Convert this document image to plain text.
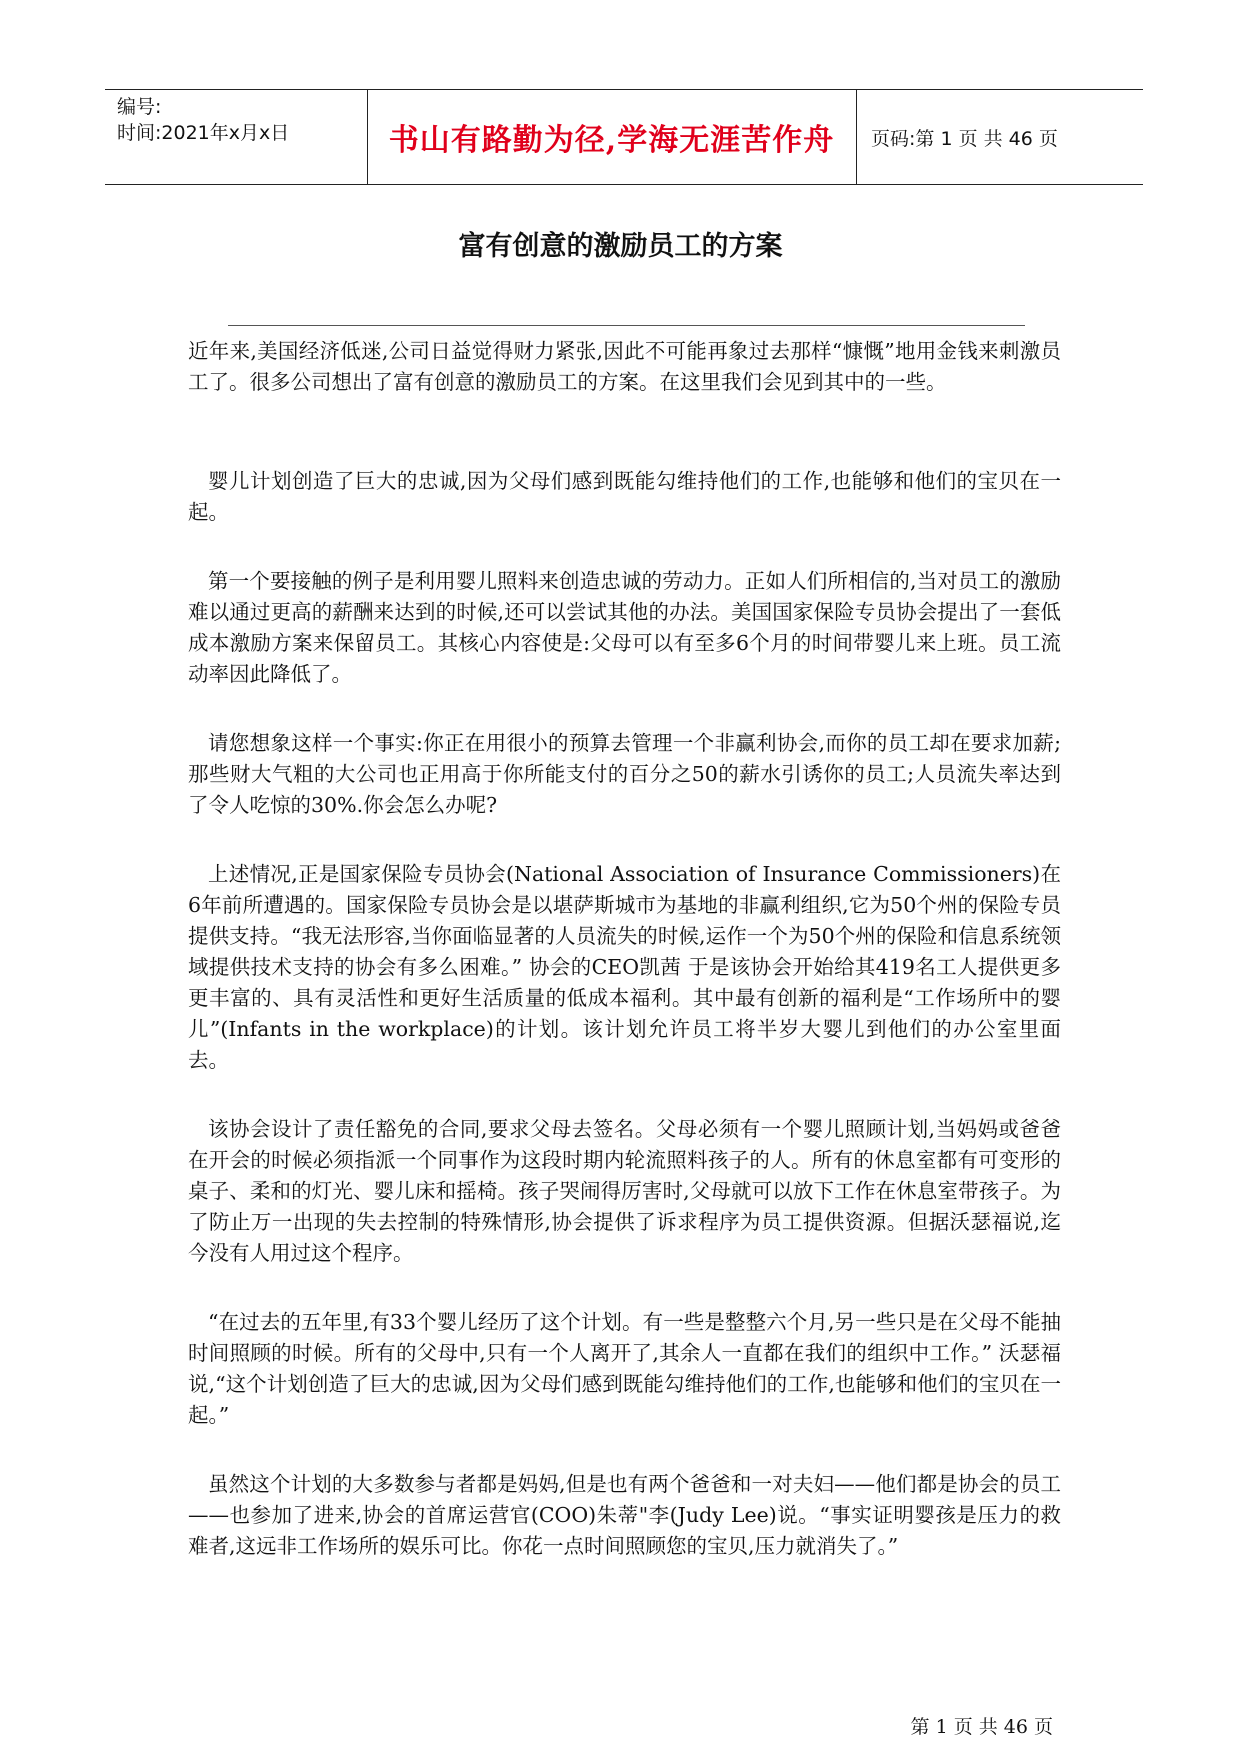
编号:
时间:2021年x月x日	书山有路勤为径,学海无涯苦作舟	页码:第 1 页 共 46 页
富有创意的激励员工的方案

近年来,美国经济低迷,公司日益觉得财力紧张,因此不可能再象过去那样“慷慨”地用金钱来刺激员工了。很多公司想出了富有创意的激励员工的方案。在这里我们会见到其中的一些。

婴儿计划创造了巨大的忠诚,因为父母们感到既能勾维持他们的工作,也能够和他们的宝贝在一起。

第一个要接触的例子是利用婴儿照料来创造忠诚的劳动力。正如人们所相信的,当对员工的激励难以通过更高的薪酬来达到的时候,还可以尝试其他的办法。美国国家保险专员协会提出了一套低成本激励方案来保留员工。其核心内容使是:父母可以有至多6个月的时间带婴儿来上班。员工流动率因此降低了。

请您想象这样一个事实:你正在用很小的预算去管理一个非赢利协会,而你的员工却在要求加薪;那些财大气粗的大公司也正用高于你所能支付的百分之50的薪水引诱你的员工;人员流失率达到了令人吃惊的30%.你会怎么办呢?

上述情况,正是国家保险专员协会(National Association of Insurance Commissioners)在6年前所遭遇的。国家保险专员协会是以堪萨斯城市为基地的非赢利组织,它为50个州的保险专员提供支持。“我无法形容,当你面临显著的人员流失的时候,运作一个为50个州的保险和信息系统领域提供技术支持的协会有多么困难。” 协会的CEO凯茜 于是该协会开始给其419名工人提供更多更丰富的、具有灵活性和更好生活质量的低成本福利。其中最有创新的福利是“工作场所中的婴儿”(Infants in the workplace)的计划。该计划允许员工将半岁大婴儿到他们的办公室里面去。

该协会设计了责任豁免的合同,要求父母去签名。父母必须有一个婴儿照顾计划,当妈妈或爸爸在开会的时候必须指派一个同事作为这段时期内轮流照料孩子的人。所有的休息室都有可变形的桌子、柔和的灯光、婴儿床和摇椅。孩子哭闹得厉害时,父母就可以放下工作在休息室带孩子。为了防止万一出现的失去控制的特殊情形,协会提供了诉求程序为员工提供资源。但据沃瑟福说,迄今没有人用过这个程序。

“在过去的五年里,有33个婴儿经历了这个计划。有一些是整整六个月,另一些只是在父母不能抽时间照顾的时候。所有的父母中,只有一个人离开了,其余人一直都在我们的组织中工作。” 沃瑟福说,“这个计划创造了巨大的忠诚,因为父母们感到既能勾维持他们的工作,也能够和他们的宝贝在一起。”

虽然这个计划的大多数参与者都是妈妈,但是也有两个爸爸和一对夫妇——他们都是协会的员工——也参加了进来,协会的首席运营官(COO)朱蒂"李(Judy Lee)说。“事实证明婴孩是压力的救难者,这远非工作场所的娱乐可比。你花一点时间照顾您的宝贝,压力就消失了。”

第 1 页 共 46 页
